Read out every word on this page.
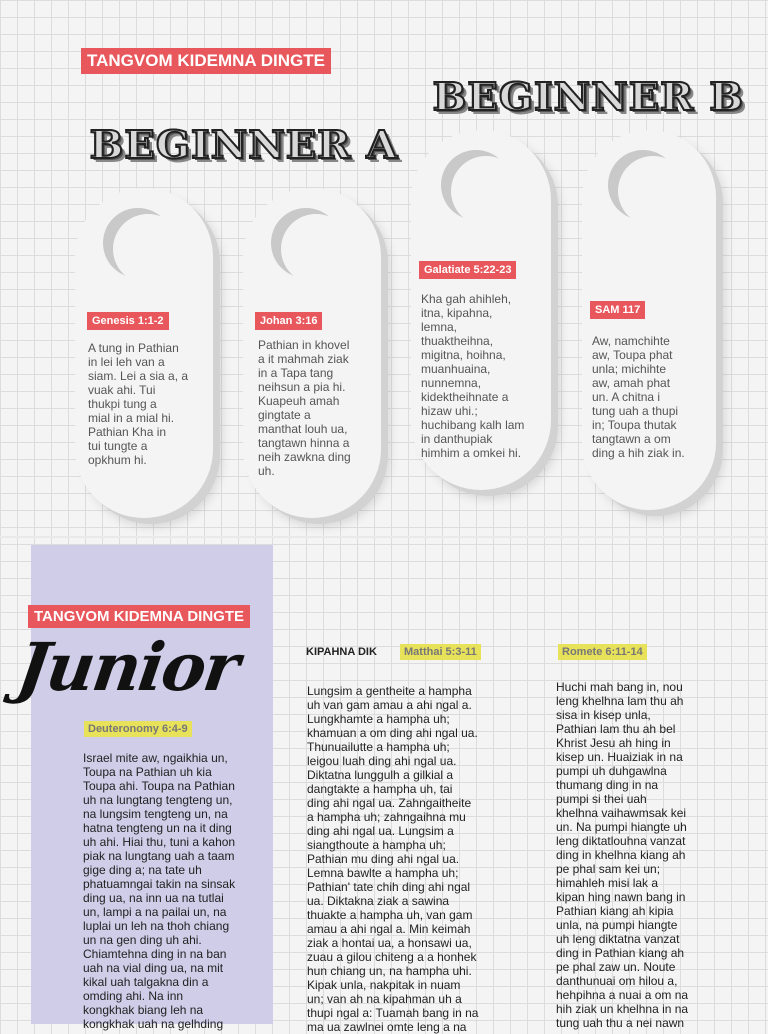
TANGVOM KIDEMNA DINGTE
BEGINNER A
BEGINNER B
Genesis 1:1-2
A tung in Pathian
in lei leh van a
siam. Lei a sia a, a
vuak ahi. Tui
thukpi tung a
mial in a mial hi.
Pathian Kha in
tui tungte a
opkhum hi.
Johan 3:16
Pathian in khovel
a it mahmah ziak
in a Tapa tang
neihsun a pia hi.
Kuapeuh amah
gingtate a
manthat louh ua,
tangtawn hinna a
neih zawkna ding
uh.
Galatiate 5:22-23
Kha gah ahihleh,
itna, kipahna,
lemna,
thuaktheihna,
migitna, hoihna,
muanhuaina,
nunnemna,
kidektheihnate a
hizaw uhi.;
huchibang kalh lam
in danthupiak
himhim a omkei hi.
SAM 117
Aw, namchihte
aw, Toupa phat
unla; michihte
aw, amah phat
un. A chitna i
tung uah a thupi
in; Toupa thutak
tangtawn a om
ding a hih ziak in.
TANGVOM KIDEMNA DINGTE
Junior
Deuteronomy 6:4-9
Israel mite aw, ngaikhia un,
Toupa na Pathian uh kia
Toupa ahi. Toupa na Pathian
uh na lungtang tengteng un,
na lungsim tengteng un, na
hatna tengteng un na it ding
uh ahi. Hiai thu, tuni a kahon
piak na lungtang uah a taam
gige ding a; na tate uh
phatuamngai takin na sinsak
ding ua, na inn ua na tutlai
un, lampi a na pailai un, na
luplai un leh na thoh chiang
un na gen ding uh ahi.
Chiamtehna ding in na ban
uah na vial ding ua, na mit
kikal uah talgakna din a
omding ahi. Na inn
kongkhak biang leh na
kongkhak uah na gelhding
KIPAHNA DIK	Matthai 5:3-11
Lungsim a gentheite a hampha
uh van gam amau a ahi ngal a.
Lungkhamte a hampha uh;
khamuan a om ding ahi ngal ua.
Thunuailutte a hampha uh;
leigou luah ding ahi ngal ua.
Diktatna lunggulh a gilkial a
dangtakte a hampha uh, tai
ding ahi ngal ua. Zahngaitheite
a hampha uh; zahngaihna mu
ding ahi ngal ua. Lungsim a
siangthoute a hampha uh;
Pathian mu ding ahi ngal ua.
Lemna bawlte a hampha uh;
Pathian' tate chih ding ahi ngal
ua. Diktakna ziak a sawina
thuakte a hampha uh, van gam
amau a ahi ngal a. Min keimah
ziak a hontai ua, a honsawi ua,
zuau a gilou chiteng a a honhek
hun chiang un, na hampha uhi.
Kipak unla, nakpitak in nuam
un; van ah na kipahman uh a
thupi ngal a: Tuamah bang in na
ma ua zawlnei omte leng a na
Romete 6:11-14
Huchi mah bang in, nou
leng khelhna lam thu ah
sisa in kisep unla,
Pathian lam thu ah bel
Khrist Jesu ah hing in
kisep un. Huaiziak in na
pumpi uh duhgawlna
thumang ding in na
pumpi si thei uah
khelhna vaihawmsak kei
un. Na pumpi hiangte uh
leng diktatlouhna vanzat
ding in khelhna kiang ah
pe phal sam kei un;
himahleh misi lak a
kipan hing nawn bang in
Pathian kiang ah kipia
unla, na pumpi hiangte
uh leng diktatna vanzat
ding in Pathian kiang ah
pe phal zaw un. Noute
danthunuai om hilou a,
hehpihna a nuai a om na
hih ziak un khelhna in na
tung uah thu a nei nawn
